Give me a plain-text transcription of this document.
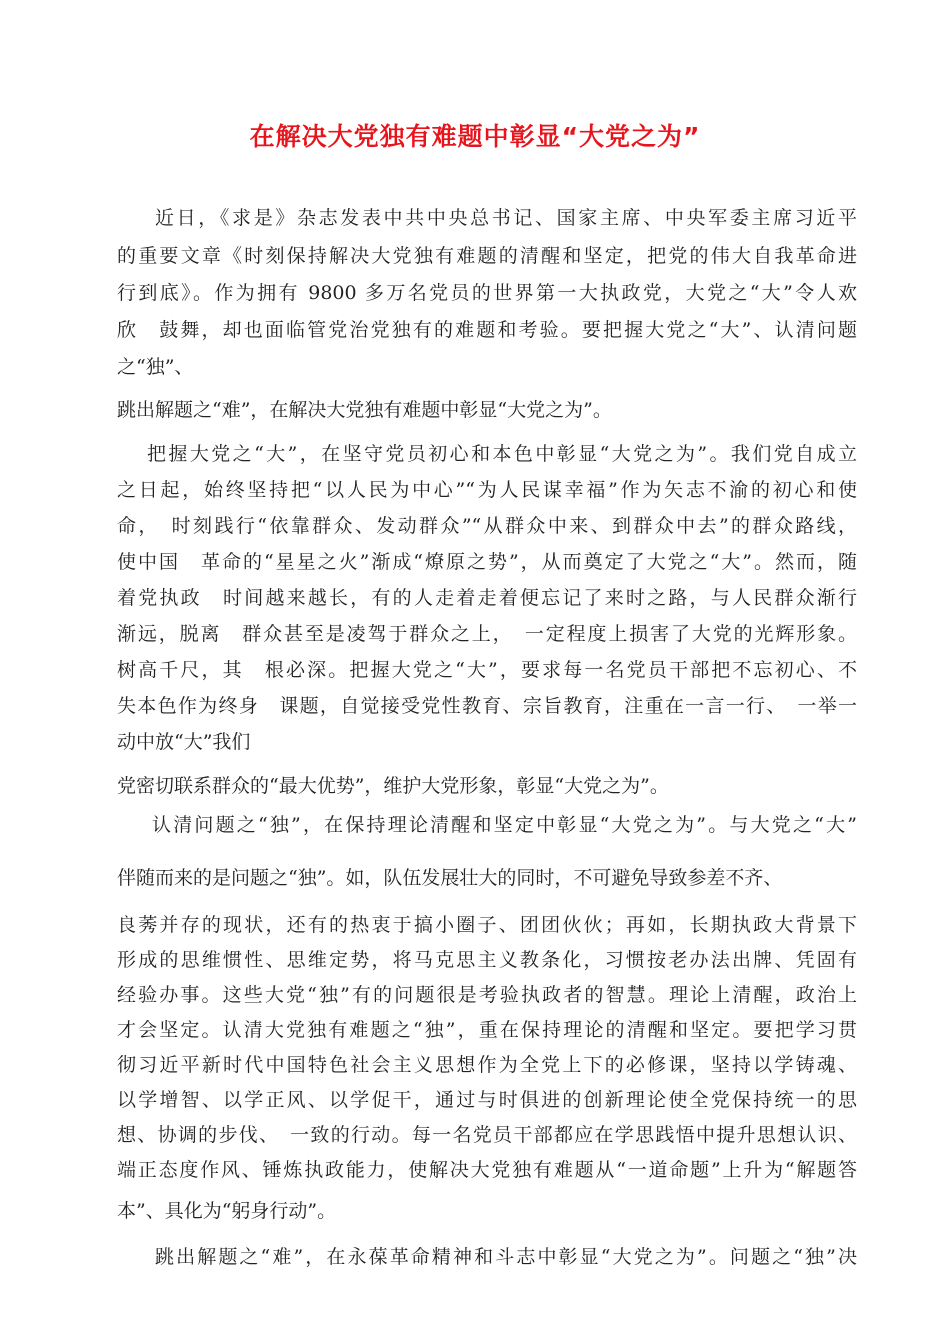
在解决大党独有难题中彰显“大党之为”
近日，《求是》杂志发表中共中央总书记、国家主席、中央军委主席习近平
的重要文章《时刻保持解决大党独有难题的清醒和坚定，把党的伟大自我革命进
行到底》。作为拥有 9800 多万名党员的世界第一大执政党，大党之“大”令人欢
欣　鼓舞，却也面临管党治党独有的难题和考验。要把握大党之“大”、认清问题
之“独”、
跳出解题之“难”，在解决大党独有难题中彰显“大党之为”。
把握大党之“大”，在坚守党员初心和本色中彰显“大党之为”。我们党自成立
之日起，始终坚持把“以人民为中心”“为人民谋幸福”作为矢志不渝的初心和使
命，　时刻践行“依靠群众、发动群众”“从群众中来、到群众中去”的群众路线，
使中国　革命的“星星之火”渐成“燎原之势”，从而奠定了大党之“大”。然而，随
着党执政　时间越来越长，有的人走着走着便忘记了来时之路，与人民群众渐行
渐远，脱离　群众甚至是凌驾于群众之上，　一定程度上损害了大党的光辉形象。
树高千尺，其　根必深。把握大党之“大”，要求每一名党员干部把不忘初心、不
失本色作为终身　课题，自觉接受党性教育、宗旨教育，注重在一言一行、　一举一
动中放“大”我们
党密切联系群众的“最大优势”，维护大党形象，彰显“大党之为”。
认清问题之“独”，在保持理论清醒和坚定中彰显“大党之为”。与大党之“大”
伴随而来的是问题之“独”。如，队伍发展壮大的同时，不可避免导致参差不齐、
良莠并存的现状，还有的热衷于搞小圈子、团团伙伙；再如，长期执政大背景下
形成的思维惯性、思维定势，将马克思主义教条化，习惯按老办法出牌、凭固有
经验办事。这些大党“独”有的问题很是考验执政者的智慧。理论上清醒，政治上
才会坚定。认清大党独有难题之“独”，重在保持理论的清醒和坚定。要把学习贯
彻习近平新时代中国特色社会主义思想作为全党上下的必修课，坚持以学铸魂、
以学增智、以学正风、以学促干，通过与时俱进的创新理论使全党保持统一的思
想、协调的步伐、　一致的行动。每一名党员干部都应在学思践悟中提升思想认识、
端正态度作风、锤炼执政能力，使解决大党独有难题从“一道命题”上升为“解题答
本”、具化为“躬身行动”。
跳出解题之“难”，在永葆革命精神和斗志中彰显“大党之为”。问题之“独”决
